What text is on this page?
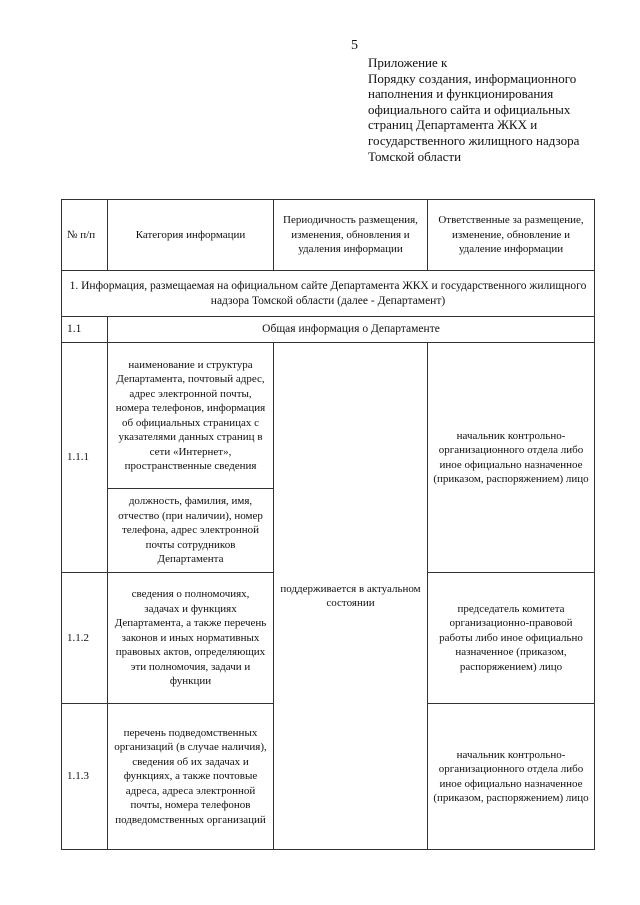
5
Приложение к
Порядку создания, информационного
наполнения и функционирования
официального сайта и официальных
страниц Департамента ЖКХ и
государственного жилищного надзора
Томской области
№ п/п	Категория информации	Периодичность размещения, изменения, обновления и удаления информации	Ответственные за размещение, изменение, обновление и удаление информации
1. Информация, размещаемая на официальном сайте Департамента ЖКХ и государственного жилищного надзора Томской области (далее - Департамент)			
1.1	Общая информация о Департаменте		
1.1.1	наименование и структура Департамента, почтовый адрес, адрес электронной почты, номера телефонов, информация об официальных страницах с указателями данных страниц в сети «Интернет», пространственные сведения	поддерживается в актуальном состоянии	начальник контрольно-организационного отдела либо иное официально назначенное (приказом, распоряжением) лицо
	должность, фамилия, имя, отчество (при наличии), номер телефона, адрес электронной почты сотрудников Департамента		
1.1.2	сведения о полномочиях, задачах и функциях Департамента, а также перечень законов и иных нормативных правовых актов, определяющих эти полномочия, задачи и функции		председатель комитета организационно-правовой работы либо иное официально назначенное (приказом, распоряжением) лицо
1.1.3	перечень подведомственных организаций (в случае наличия), сведения об их задачах и функциях, а также почтовые адреса, адреса электронной почты, номера телефонов подведомственных организаций		начальник контрольно-организационного отдела либо иное официально назначенное (приказом, распоряжением) лицо
